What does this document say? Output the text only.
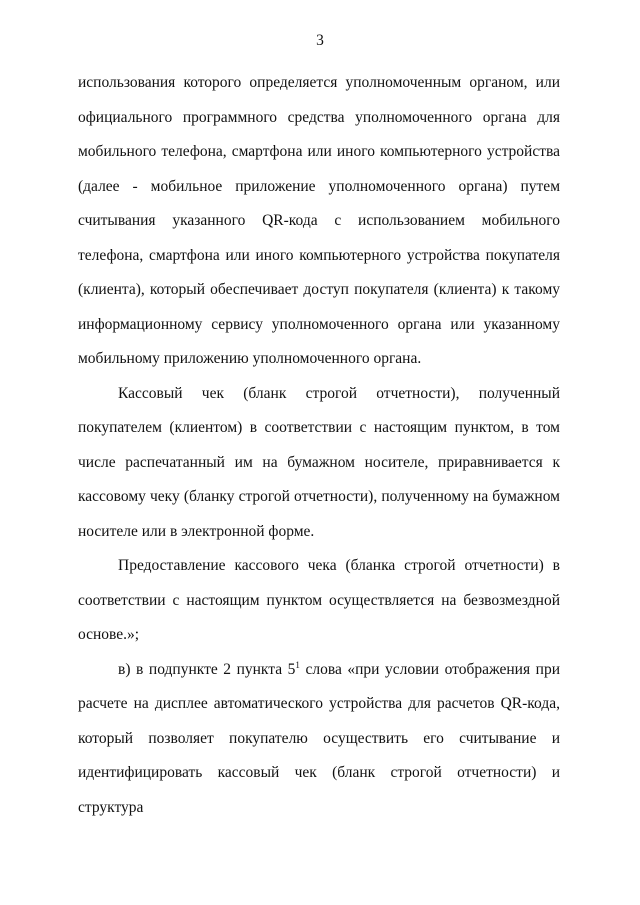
3

использования которого определяется уполномоченным органом, или официального программного средства уполномоченного органа для мобильного телефона, смартфона или иного компьютерного устройства (далее - мобильное приложение уполномоченного органа) путем считывания указанного QR-кода с использованием мобильного телефона, смартфона или иного компьютерного устройства покупателя (клиента), который обеспечивает доступ покупателя (клиента) к такому информационному сервису уполномоченного органа или указанному мобильному приложению уполномоченного органа.

Кассовый чек (бланк строгой отчетности), полученный покупателем (клиентом) в соответствии с настоящим пунктом, в том числе распечатанный им на бумажном носителе, приравнивается к кассовому чеку (бланку строгой отчетности), полученному на бумажном носителе или в электронной форме.

Предоставление кассового чека (бланка строгой отчетности) в соответствии с настоящим пунктом осуществляется на безвозмездной основе.»;

в) в подпункте 2 пункта $5^1$ слова «при условии отображения при расчете на дисплее автоматического устройства для расчетов QR-кода, который позволяет покупателю осуществить его считывание и идентифицировать кассовый чек (бланк строгой отчетности) и структура
